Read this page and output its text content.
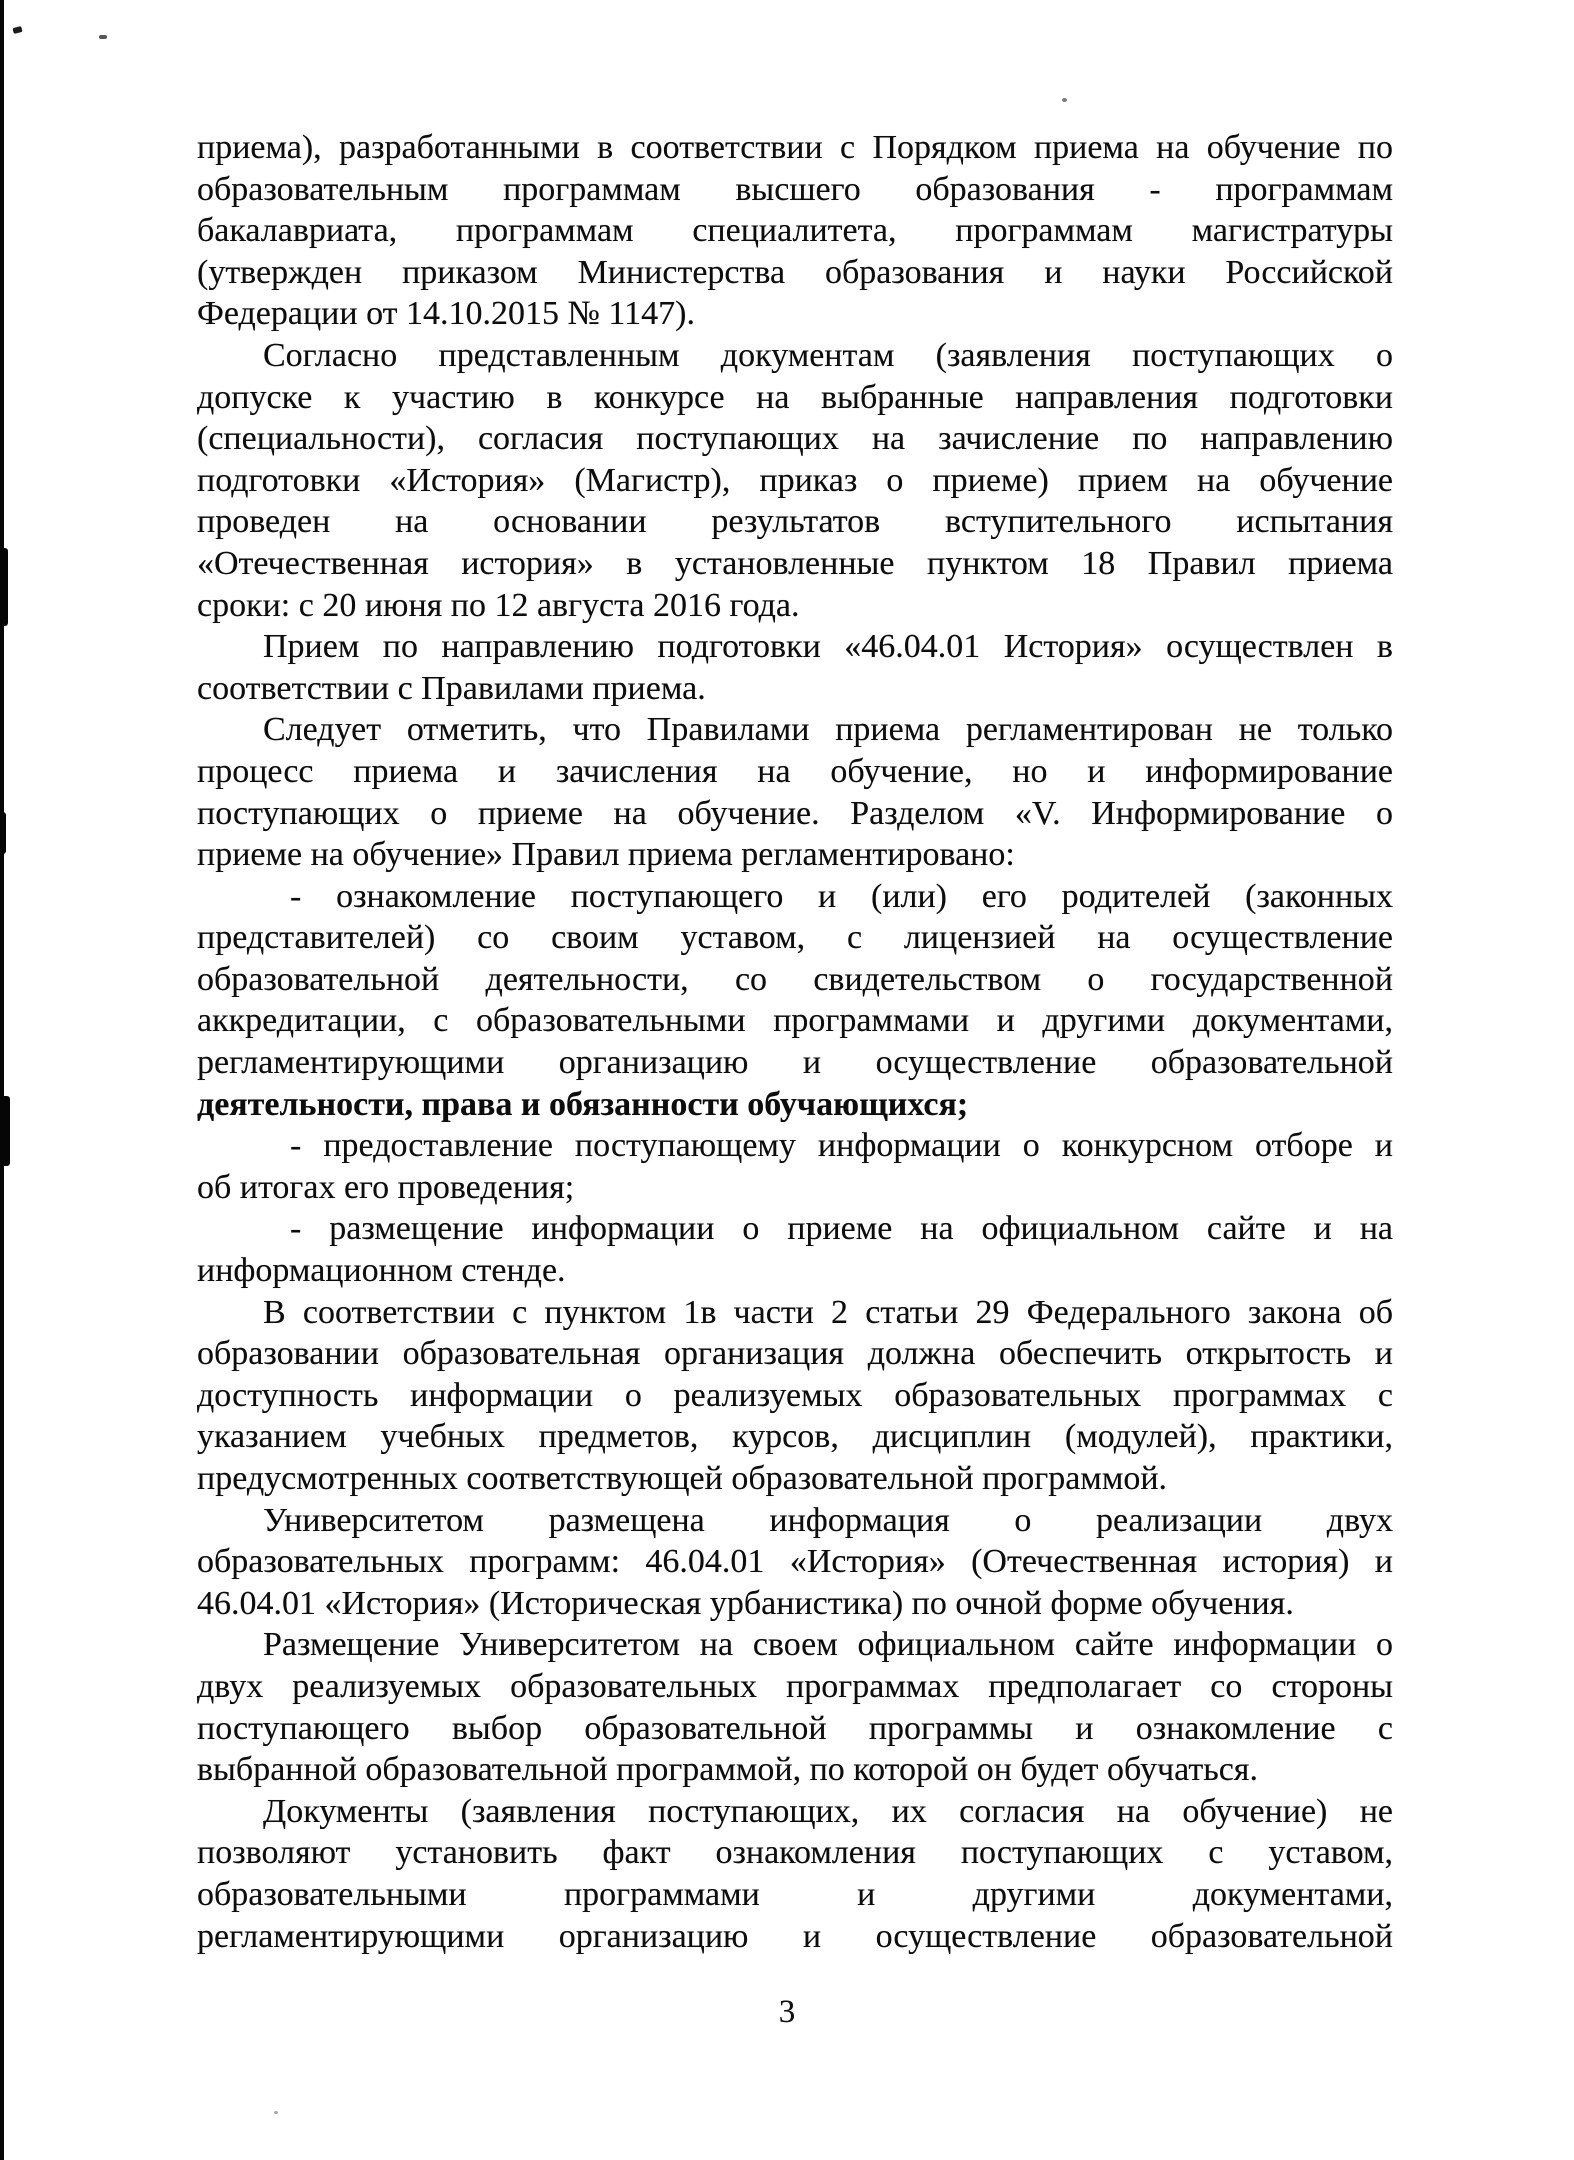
приема), разработанными в соответствии с Порядком приема на обучение по
образовательным программам высшего образования - программам
бакалавриата, программам специалитета, программам магистратуры
(утвержден приказом Министерства образования и науки Российской
Федерации от 14.10.2015 № 1147).
Согласно представленным документам (заявления поступающих о
допуске к участию в конкурсе на выбранные направления подготовки
(специальности), согласия поступающих на зачисление по направлению
подготовки «История» (Магистр), приказ о приеме) прием на обучение
проведен на основании результатов вступительного испытания
«Отечественная история» в установленные пунктом 18 Правил приема
сроки: с 20 июня по 12 августа 2016 года.
Прием по направлению подготовки «46.04.01 История» осуществлен в
соответствии с Правилами приема.
Следует отметить, что Правилами приема регламентирован не только
процесс приема и зачисления на обучение, но и информирование
поступающих о приеме на обучение. Разделом «V. Информирование о
приеме на обучение» Правил приема регламентировано:
- ознакомление поступающего и (или) его родителей (законных
представителей) со своим уставом, с лицензией на осуществление
образовательной деятельности, со свидетельством о государственной
аккредитации, с образовательными программами и другими документами,
регламентирующими организацию и осуществление образовательной
деятельности, права и обязанности обучающихся;
- предоставление поступающему информации о конкурсном отборе и
об итогах его проведения;
- размещение информации о приеме на официальном сайте и на
информационном стенде.
В соответствии с пунктом 1в части 2 статьи 29 Федерального закона об
образовании образовательная организация должна обеспечить открытость и
доступность информации о реализуемых образовательных программах с
указанием учебных предметов, курсов, дисциплин (модулей), практики,
предусмотренных соответствующей образовательной программой.
Университетом размещена информация о реализации двух
образовательных программ: 46.04.01 «История» (Отечественная история) и
46.04.01 «История» (Историческая урбанистика) по очной форме обучения.
Размещение Университетом на своем официальном сайте информации о
двух реализуемых образовательных программах предполагает со стороны
поступающего выбор образовательной программы и ознакомление с
выбранной образовательной программой, по которой он будет обучаться.
Документы (заявления поступающих, их согласия на обучение) не
позволяют установить факт ознакомления поступающих с уставом,
образовательными программами и другими документами,
регламентирующими организацию и осуществление образовательной
3
